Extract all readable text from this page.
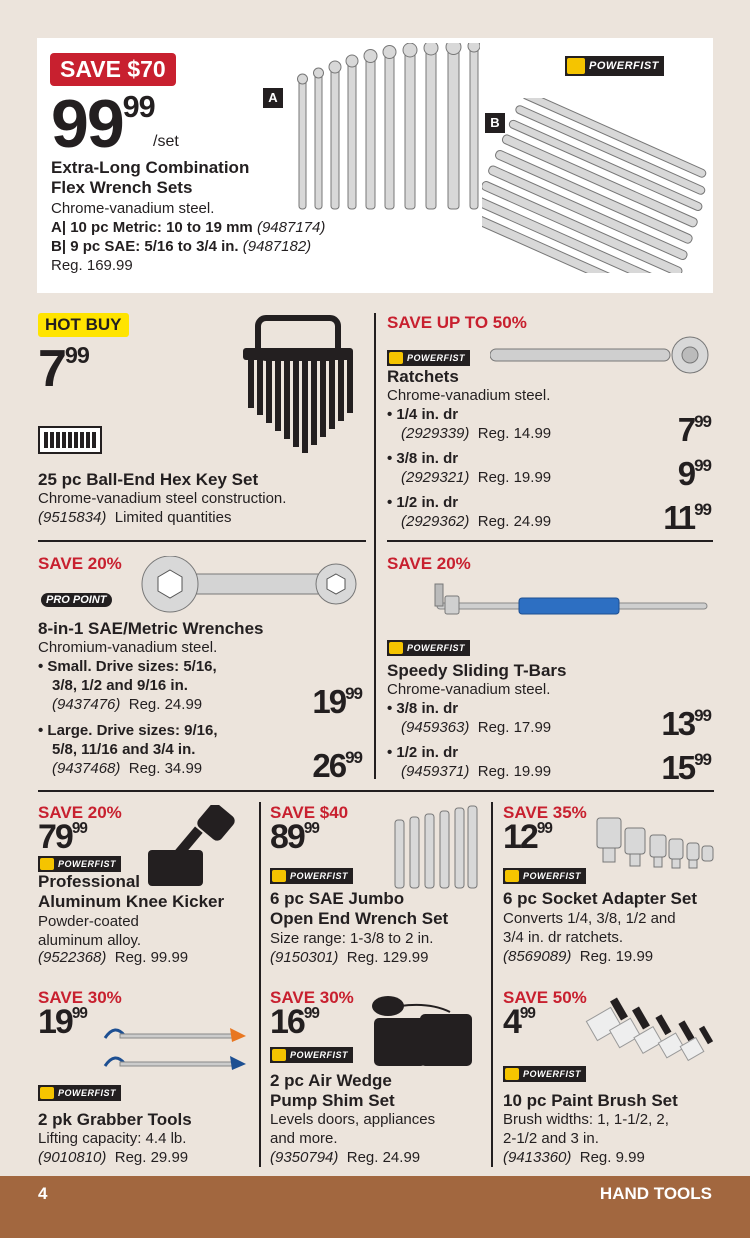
SAVE $70
$99^{99}$
/set
Extra-Long Combination
Flex Wrench Sets
Chrome-vanadium steel.
A| 10 pc Metric: 10 to 19 mm (9487174)
B| 9 pc SAE: 5/16 to 3/4 in. (9487182)
Reg. 169.99
A
B
POWERFIST
HOT BUY
$7^{99}$
25 pc Ball-End Hex Key Set
Chrome-vanadium steel construction.
(9515834) Limited quantities
SAVE UP TO 50%
POWERFIST
Ratchets
Chrome-vanadium steel.
• 1/4 in. dr
(2929339) Reg. 14.99	$7^{99}$
• 3/8 in. dr
(2929321) Reg. 19.99	$9^{99}$
• 1/2 in. dr
(2929362) Reg. 24.99	$11^{99}$
SAVE 20%
PRO POINT
8-in-1 SAE/Metric Wrenches
Chromium-vanadium steel.
• Small. Drive sizes: 5/16,
3/8, 1/2 and 9/16 in.
(9437476) Reg. 24.99	$19^{99}$
• Large. Drive sizes: 9/16,
5/8, 11/16 and 3/4 in.
(9437468) Reg. 34.99	$26^{99}$
SAVE 20%
POWERFIST
Speedy Sliding T-Bars
Chrome-vanadium steel.
• 3/8 in. dr
(9459363) Reg. 17.99	$13^{99}$
• 1/2 in. dr
(9459371) Reg. 19.99	$15^{99}$
SAVE 20%
$79^{99}$
POWERFIST
Professional
Aluminum Knee Kicker
Powder-coated
aluminum alloy.
(9522368) Reg. 99.99
SAVE $40
$89^{99}$
POWERFIST
6 pc SAE Jumbo
Open End Wrench Set
Size range: 1-3/8 to 2 in.
(9150301) Reg. 129.99
SAVE 35%
$12^{99}$
POWERFIST
6 pc Socket Adapter Set
Converts 1/4, 3/8, 1/2 and
3/4 in. dr ratchets.
(8569089) Reg. 19.99
SAVE 30%
$19^{99}$
POWERFIST
2 pk Grabber Tools
Lifting capacity: 4.4 lb.
(9010810) Reg. 29.99
SAVE 30%
$16^{99}$
POWERFIST
2 pc Air Wedge
Pump Shim Set
Levels doors, appliances
and more.
(9350794) Reg. 24.99
SAVE 50%
$4^{99}$
POWERFIST
10 pc Paint Brush Set
Brush widths: 1, 1-1/2, 2,
2-1/2 and 3 in.
(9413360) Reg. 9.99
4	HAND TOOLS
